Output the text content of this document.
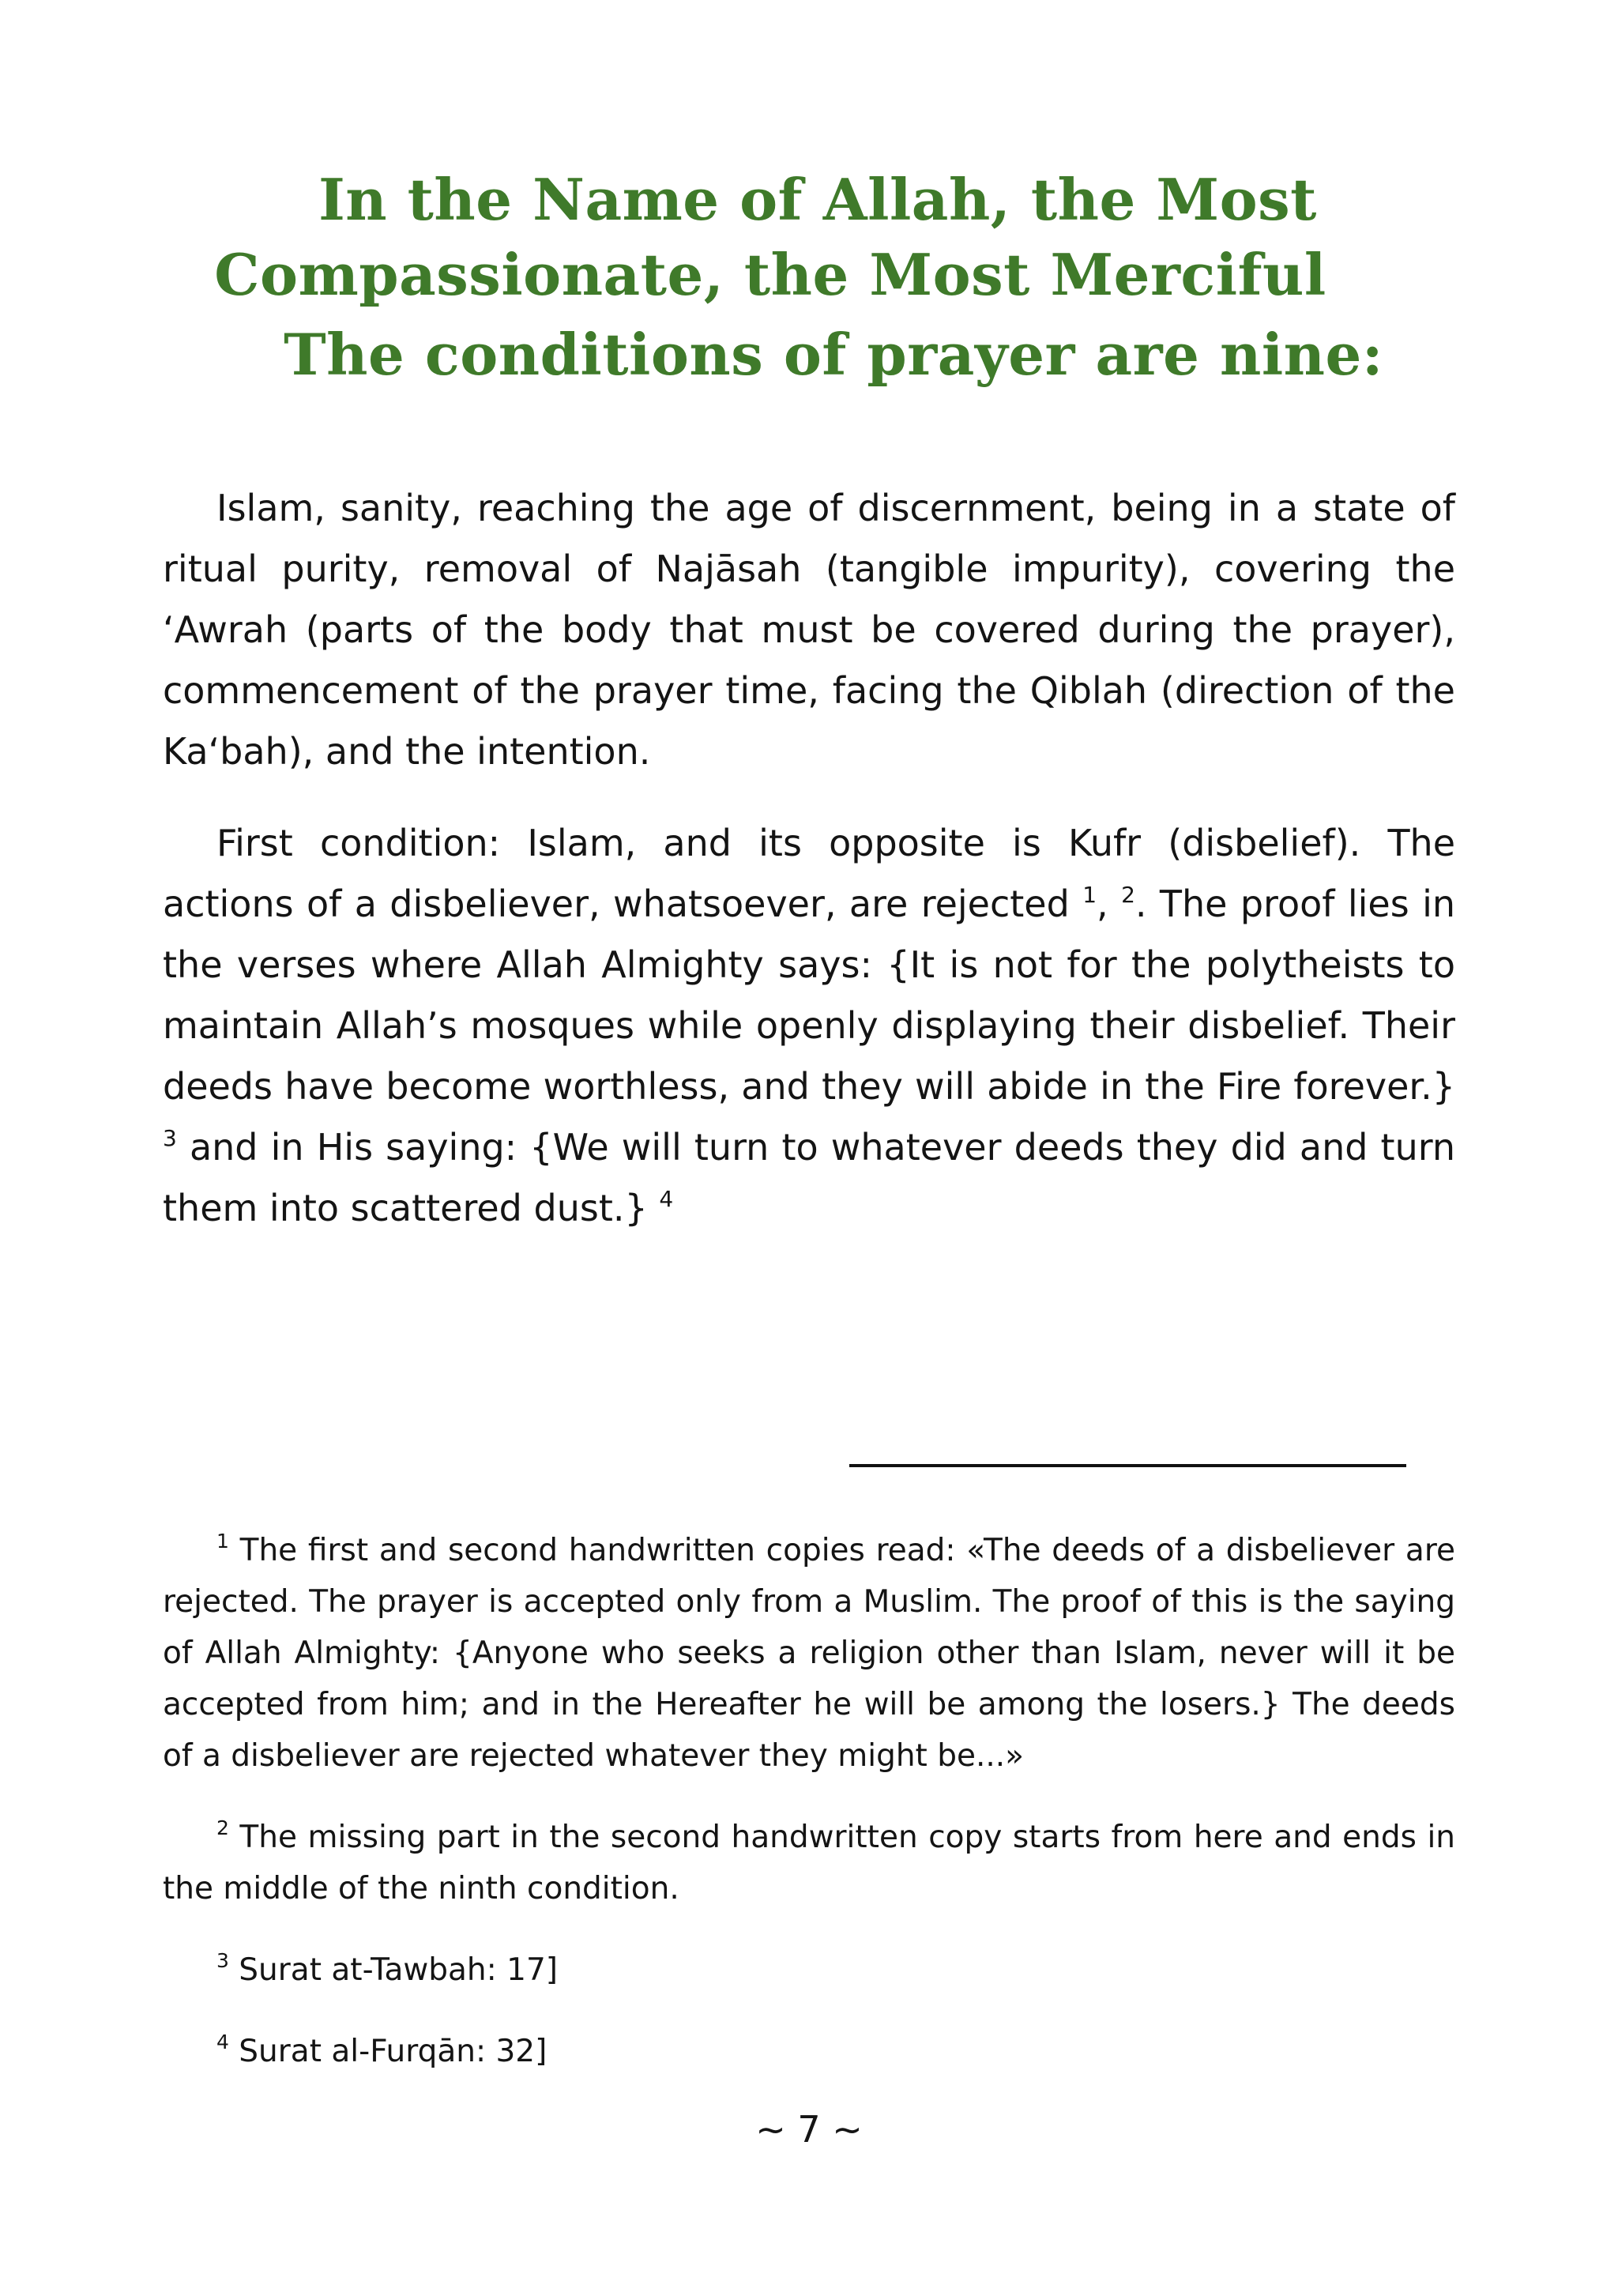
In the Name of Allah, the Most
Compassionate, the Most Merciful
The conditions of prayer are nine:

Islam, sanity, reaching the age of discernment, being in a state of ritual purity, removal of Najāsah (tangible impurity), covering the ‘Awrah (parts of the body that must be covered during the prayer), commencement of the prayer time, facing the Qiblah (direction of the Ka‘bah), and the intention.

First condition: Islam, and its opposite is Kufr (disbelief). The actions of a disbeliever, whatsoever, are rejected $^1$, $^2$. The proof lies in the verses where Allah Almighty says: {It is not for the polytheists to maintain Allah’s mosques while openly displaying their disbelief. Their deeds have become worthless, and they will abide in the Fire forever.} $^3$ and in His saying: {We will turn to whatever deeds they did and turn them into scattered dust.} $^4$

$^1$ The first and second handwritten copies read: «The deeds of a disbeliever are rejected. The prayer is accepted only from a Muslim. The proof of this is the saying of Allah Almighty: {Anyone who seeks a religion other than Islam, never will it be accepted from him; and in the Hereafter he will be among the losers.} The deeds of a disbeliever are rejected whatever they might be...»

$^2$ The missing part in the second handwritten copy starts from here and ends in the middle of the ninth condition.

$^3$ Surat at-Tawbah: 17]

$^4$ Surat al-Furqān: 32]

~ 7 ~
